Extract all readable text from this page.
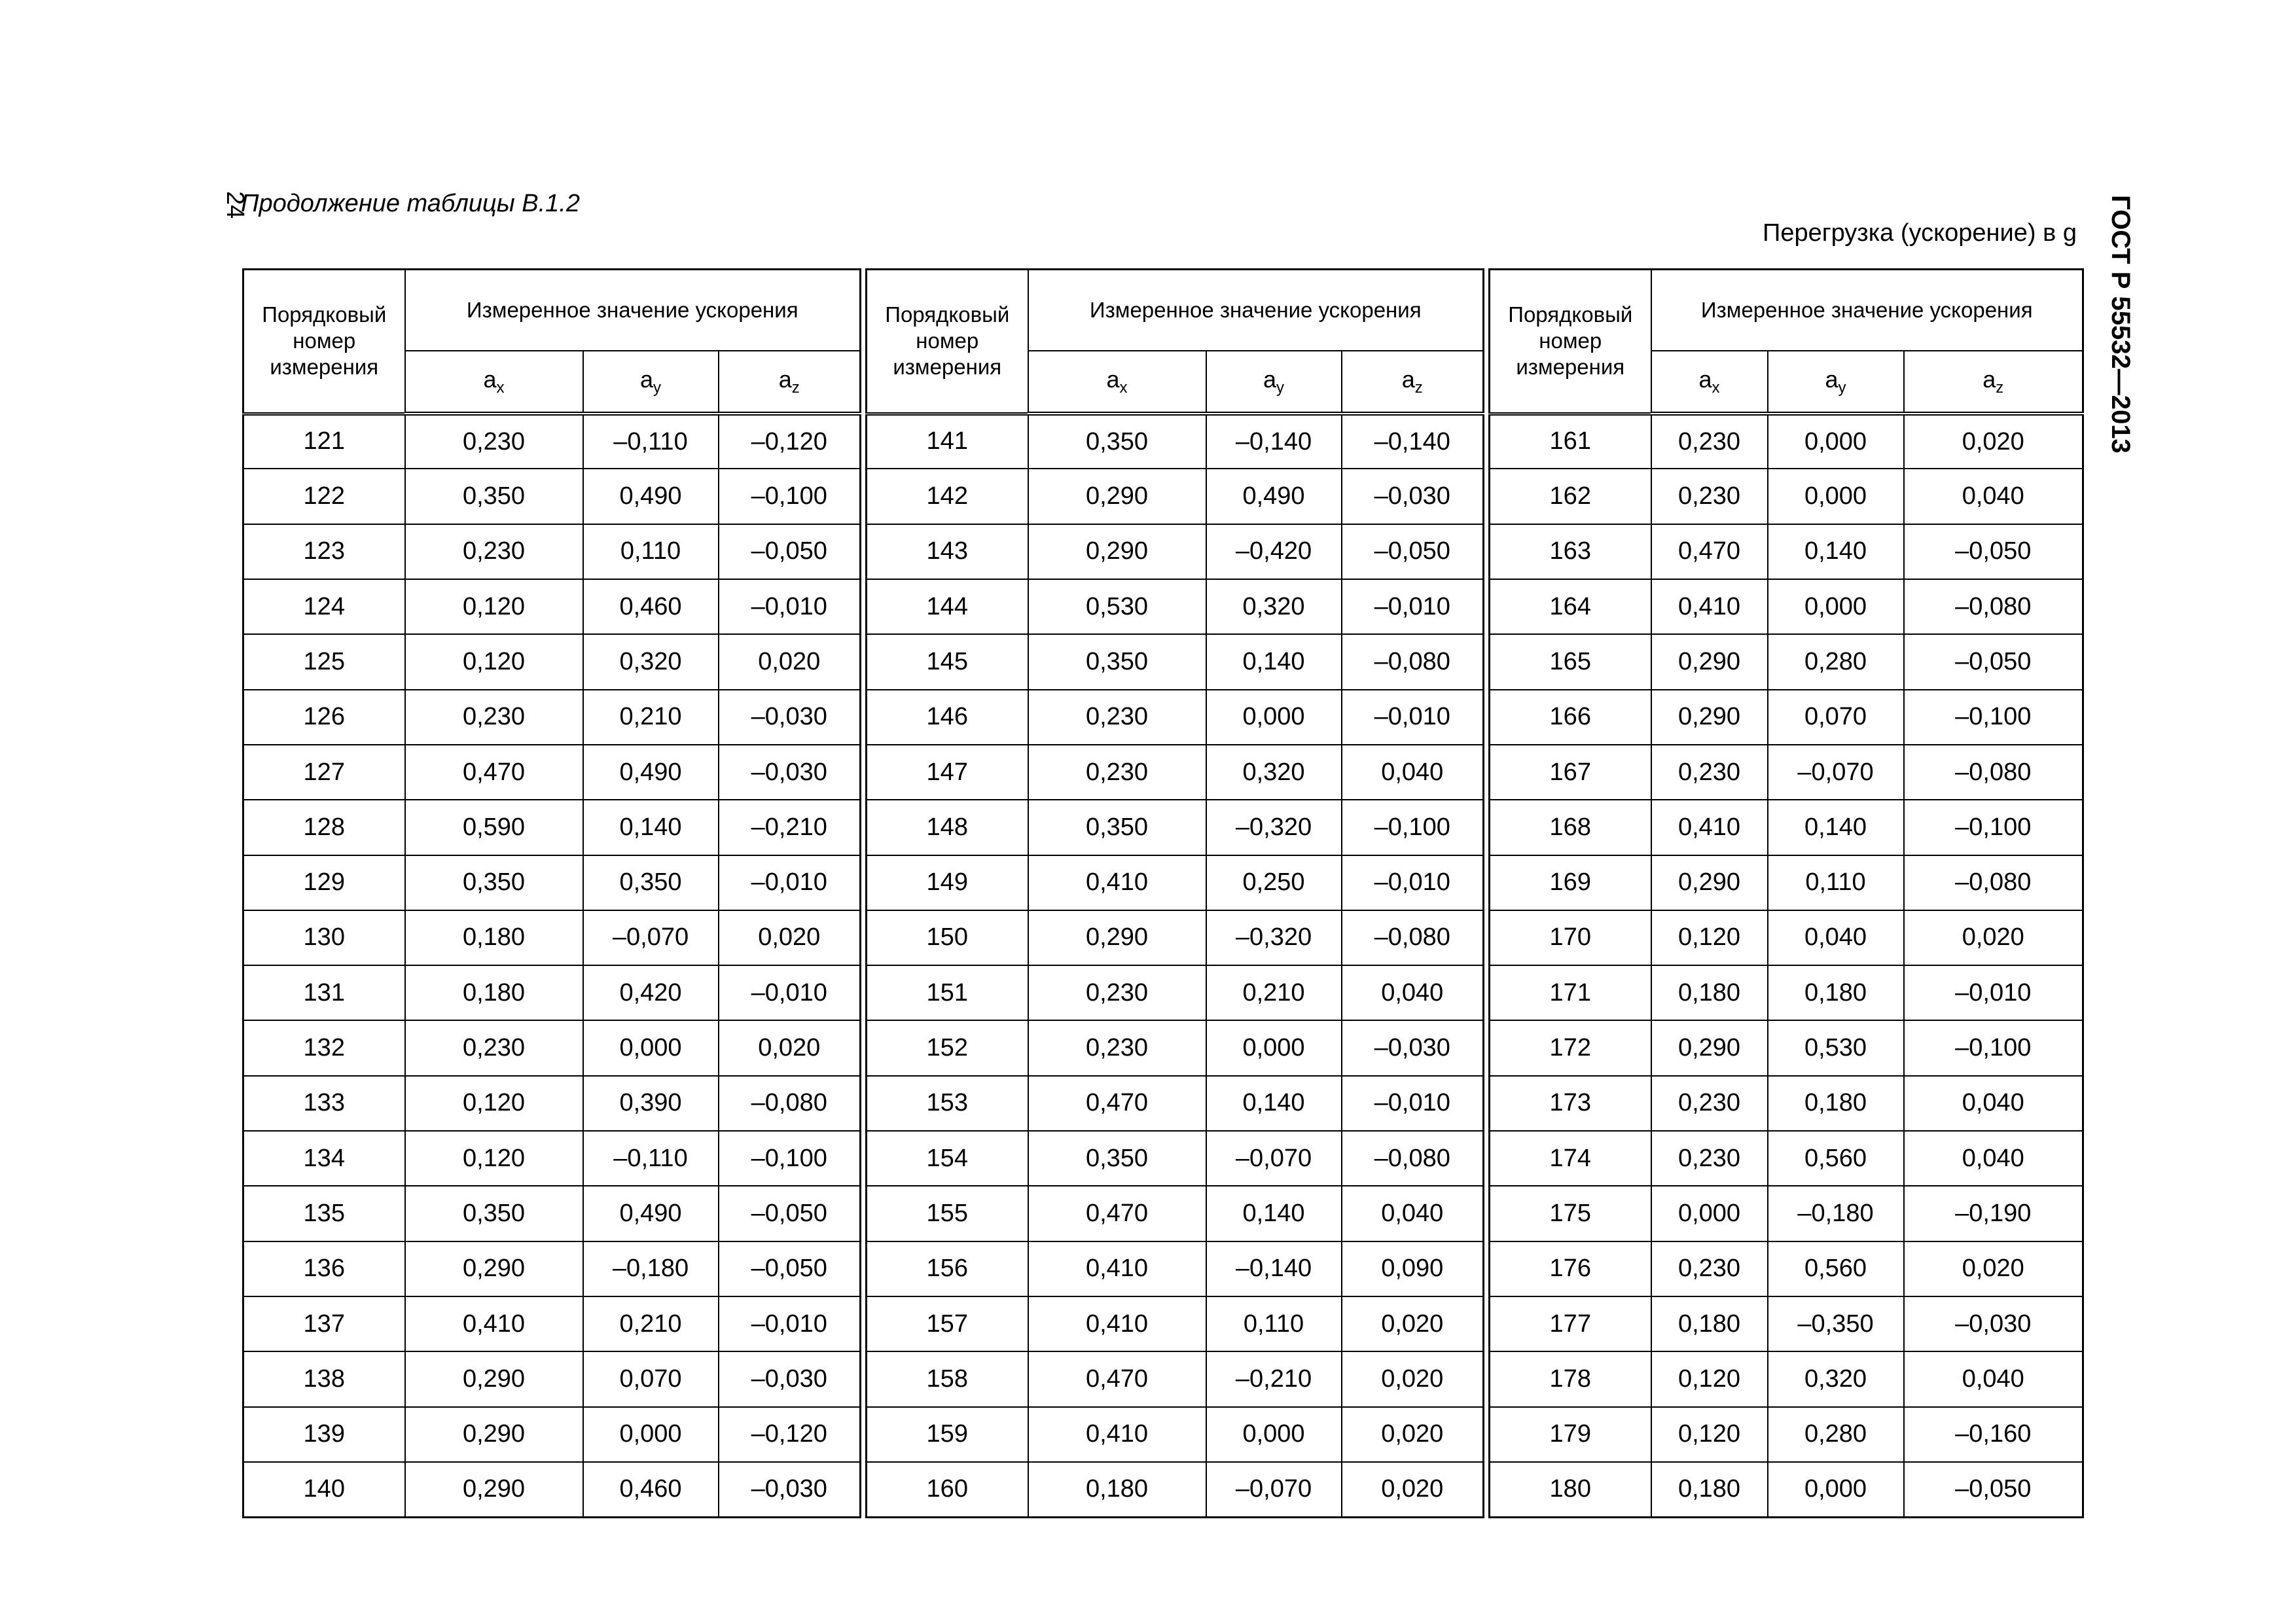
24
Продолжение таблицы В.1.2
Перегрузка (ускорение) в g ГОСТ Р 55532—2013
Порядковый номер измерения	Измеренное значение ускорения		
	$a_x$	$a_y$	$a_z$
121	0,230	–0,110	–0,120
122	0,350	0,490	–0,100
123	0,230	0,110	–0,050
124	0,120	0,460	–0,010
125	0,120	0,320	0,020
126	0,230	0,210	–0,030
127	0,470	0,490	–0,030
128	0,590	0,140	–0,210
129	0,350	0,350	–0,010
130	0,180	–0,070	0,020
131	0,180	0,420	–0,010
132	0,230	0,000	0,020
133	0,120	0,390	–0,080
134	0,120	–0,110	–0,100
135	0,350	0,490	–0,050
136	0,290	–0,180	–0,050
137	0,410	0,210	–0,010
138	0,290	0,070	–0,030
139	0,290	0,000	–0,120
140	0,290	0,460	–0,030
Порядковый номер измерения	Измеренное значение ускорения		
	$a_x$	$a_y$	$a_z$
141	0,350	–0,140	–0,140
142	0,290	0,490	–0,030
143	0,290	–0,420	–0,050
144	0,530	0,320	–0,010
145	0,350	0,140	–0,080
146	0,230	0,000	–0,010
147	0,230	0,320	0,040
148	0,350	–0,320	–0,100
149	0,410	0,250	–0,010
150	0,290	–0,320	–0,080
151	0,230	0,210	0,040
152	0,230	0,000	–0,030
153	0,470	0,140	–0,010
154	0,350	–0,070	–0,080
155	0,470	0,140	0,040
156	0,410	–0,140	0,090
157	0,410	0,110	0,020
158	0,470	–0,210	0,020
159	0,410	0,000	0,020
160	0,180	–0,070	0,020
Порядковый номер измерения	Измеренное значение ускорения		
	$a_x$	$a_y$	$a_z$
161	0,230	0,000	0,020
162	0,230	0,000	0,040
163	0,470	0,140	–0,050
164	0,410	0,000	–0,080
165	0,290	0,280	–0,050
166	0,290	0,070	–0,100
167	0,230	–0,070	–0,080
168	0,410	0,140	–0,100
169	0,290	0,110	–0,080
170	0,120	0,040	0,020
171	0,180	0,180	–0,010
172	0,290	0,530	–0,100
173	0,230	0,180	0,040
174	0,230	0,560	0,040
175	0,000	–0,180	–0,190
176	0,230	0,560	0,020
177	0,180	–0,350	–0,030
178	0,120	0,320	0,040
179	0,120	0,280	–0,160
180	0,180	0,000	–0,050
